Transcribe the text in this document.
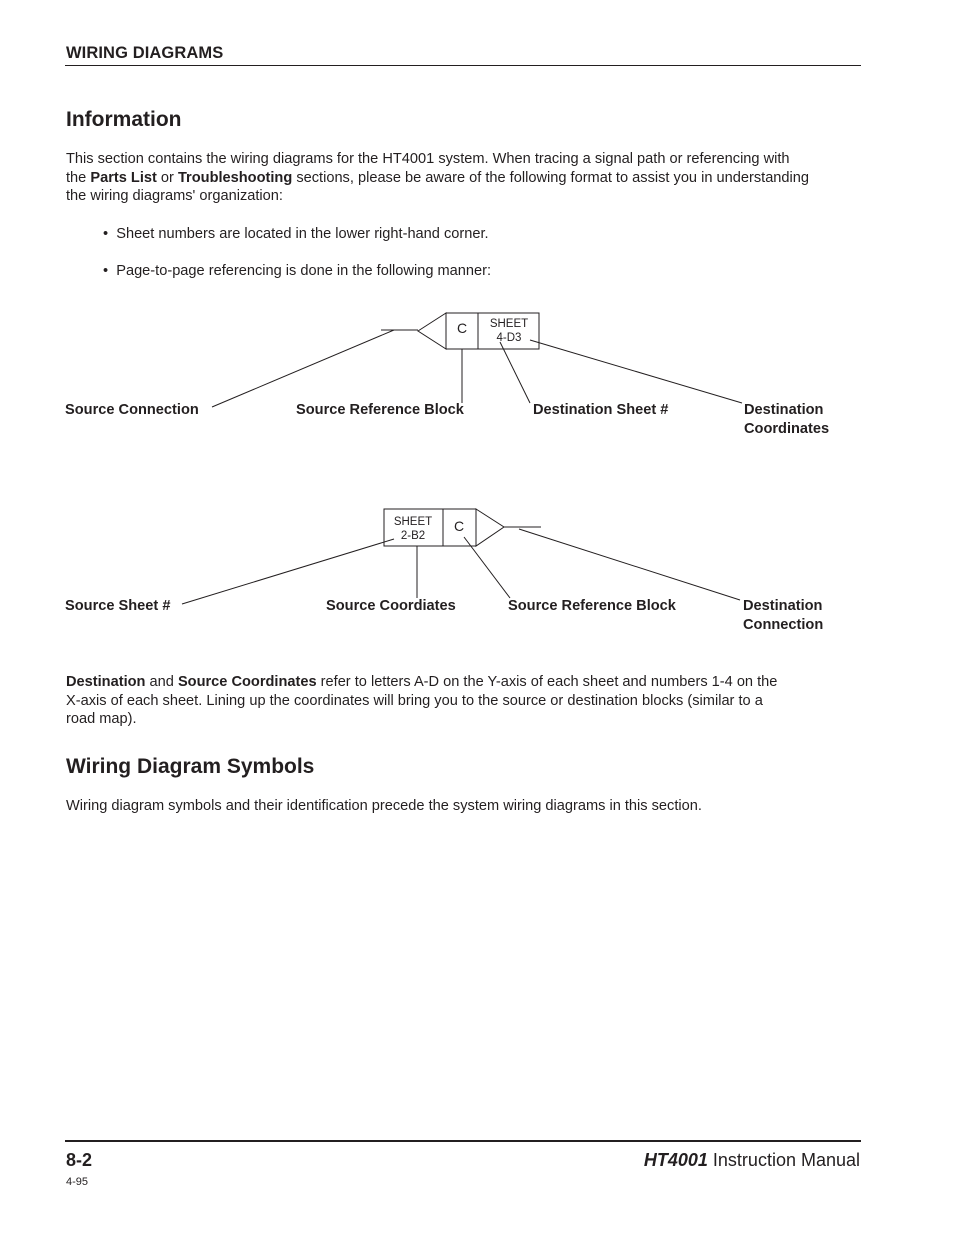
WIRING DIAGRAMS
Information
This section contains the wiring diagrams for the HT4001 system. When tracing a signal path or referencing with
the Parts List or Troubleshooting sections, please be aware of the following format to assist you in understanding
the wiring diagrams' organization:
• Sheet numbers are located in the lower right-hand corner.
• Page-to-page referencing is done in the following manner:
C SHEET
4-D3
SHEET
2-B2
C
Source Connection	Source Reference Block	Destination Sheet #	Destination
Coordinates
Source Sheet #	Source Coordiates	Source Reference Block	Destination
Connection
Destination and Source Coordinates refer to letters A-D on the Y-axis of each sheet and numbers 1-4 on the
X-axis of each sheet. Lining up the coordinates will bring you to the source or destination blocks (similar to a
road map).
Wiring Diagram Symbols
Wiring diagram symbols and their identification precede the system wiring diagrams in this section.
8-2	HT4001 Instruction Manual
4-95
